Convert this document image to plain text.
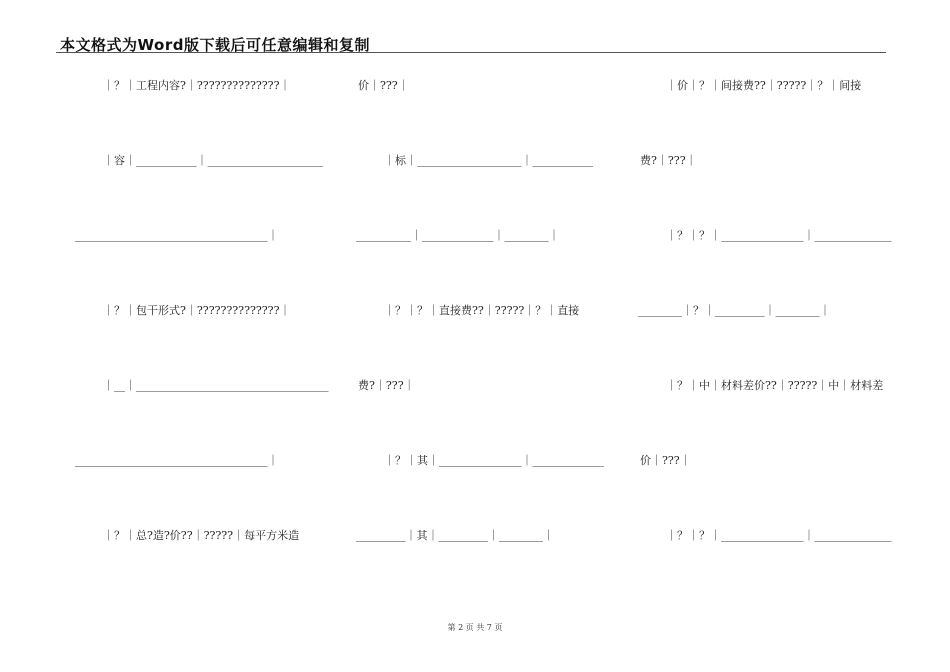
本文格式为Word版下载后可任意编辑和复制
｜？｜工程内容?｜??????????????｜
｜容｜___________｜_____________________
___________________________________｜
｜？｜包干形式?｜??????????????｜
｜__｜___________________________________
___________________________________｜
｜？｜总?造?价??｜?????｜每平方米造
价｜???｜
｜标｜___________________｜___________
__________｜_____________｜________｜
｜？｜？｜直接费??｜?????｜？｜直接
费?｜???｜
｜？｜其｜_______________｜_____________
_________｜其｜_________｜________｜
｜价｜？｜间接费??｜?????｜？｜间接
费?｜???｜
｜？｜？｜_______________｜______________
________｜？｜_________｜________｜
｜？｜中｜材料差价??｜?????｜中｜材料差
价｜???｜
｜？｜？｜_______________｜______________
第 2 页 共 7 页
